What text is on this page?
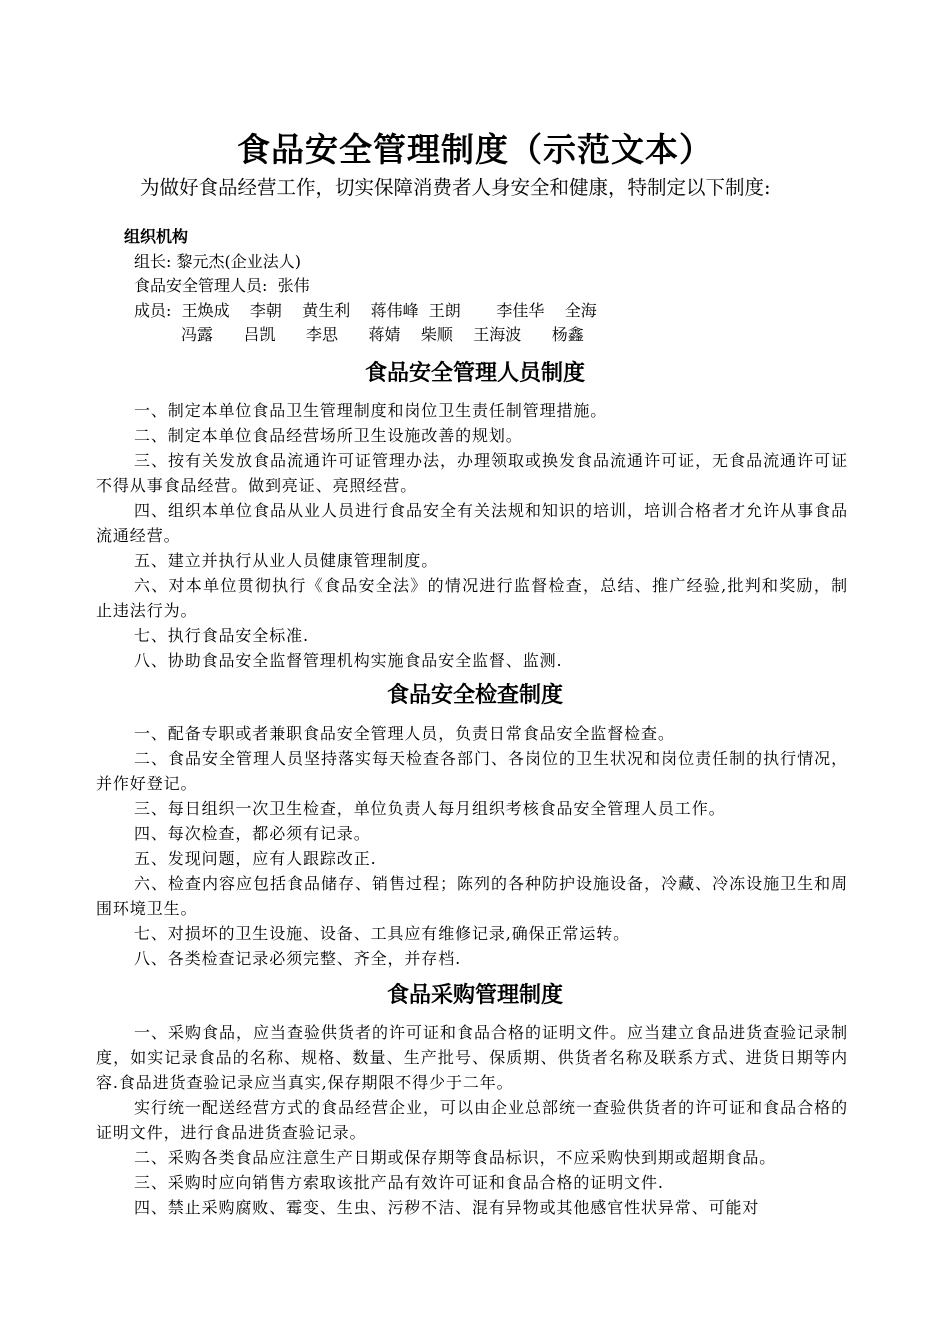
食品安全管理制度（示范文本）
为做好食品经营工作，切实保障消费者人身安全和健康，特制定以下制度:
组织机构
组长: 黎元杰(企业法人)
食品安全管理人员:  张伟
成员:  王焕成    李朝    黄生利    蒋伟峰  王朗       李佳华    全海
冯露      吕凯      李思      蒋婧    柴顺    王海波      杨鑫
食品安全管理人员制度

一、制定本单位食品卫生管理制度和岗位卫生责任制管理措施。

二、制定本单位食品经营场所卫生设施改善的规划。

三、按有关发放食品流通许可证管理办法，办理领取或换发食品流通许可证，无食品流通许可证不得从事食品经营。做到亮证、亮照经营。

四、组织本单位食品从业人员进行食品安全有关法规和知识的培训，培训合格者才允许从事食品流通经营。

五、建立并执行从业人员健康管理制度。

六、对本单位贯彻执行《食品安全法》的情况进行监督检查，总结、推广经验,批判和奖励，制止违法行为。

七、执行食品安全标准.

八、协助食品安全监督管理机构实施食品安全监督、监测.

食品安全检查制度

一、配备专职或者兼职食品安全管理人员，负责日常食品安全监督检查。

二、食品安全管理人员坚持落实每天检查各部门、各岗位的卫生状况和岗位责任制的执行情况，并作好登记。

三、每日组织一次卫生检查，单位负责人每月组织考核食品安全管理人员工作。

四、每次检查，都必须有记录。

五、发现问题，应有人跟踪改正.

六、检查内容应包括食品储存、销售过程；陈列的各种防护设施设备，冷藏、冷冻设施卫生和周围环境卫生。

七、对损坏的卫生设施、设备、工具应有维修记录,确保正常运转。

八、各类检查记录必须完整、齐全，并存档.

食品采购管理制度

一、采购食品，应当查验供货者的许可证和食品合格的证明文件。应当建立食品进货查验记录制度，如实记录食品的名称、规格、数量、生产批号、保质期、供货者名称及联系方式、进货日期等内容.食品进货查验记录应当真实,保存期限不得少于二年。

实行统一配送经营方式的食品经营企业，可以由企业总部统一查验供货者的许可证和食品合格的证明文件，进行食品进货查验记录。

二、采购各类食品应注意生产日期或保存期等食品标识，不应采购快到期或超期食品。

三、采购时应向销售方索取该批产品有效许可证和食品合格的证明文件.

四、禁止采购腐败、霉变、生虫、污秽不洁、混有异物或其他感官性状异常、可能对
